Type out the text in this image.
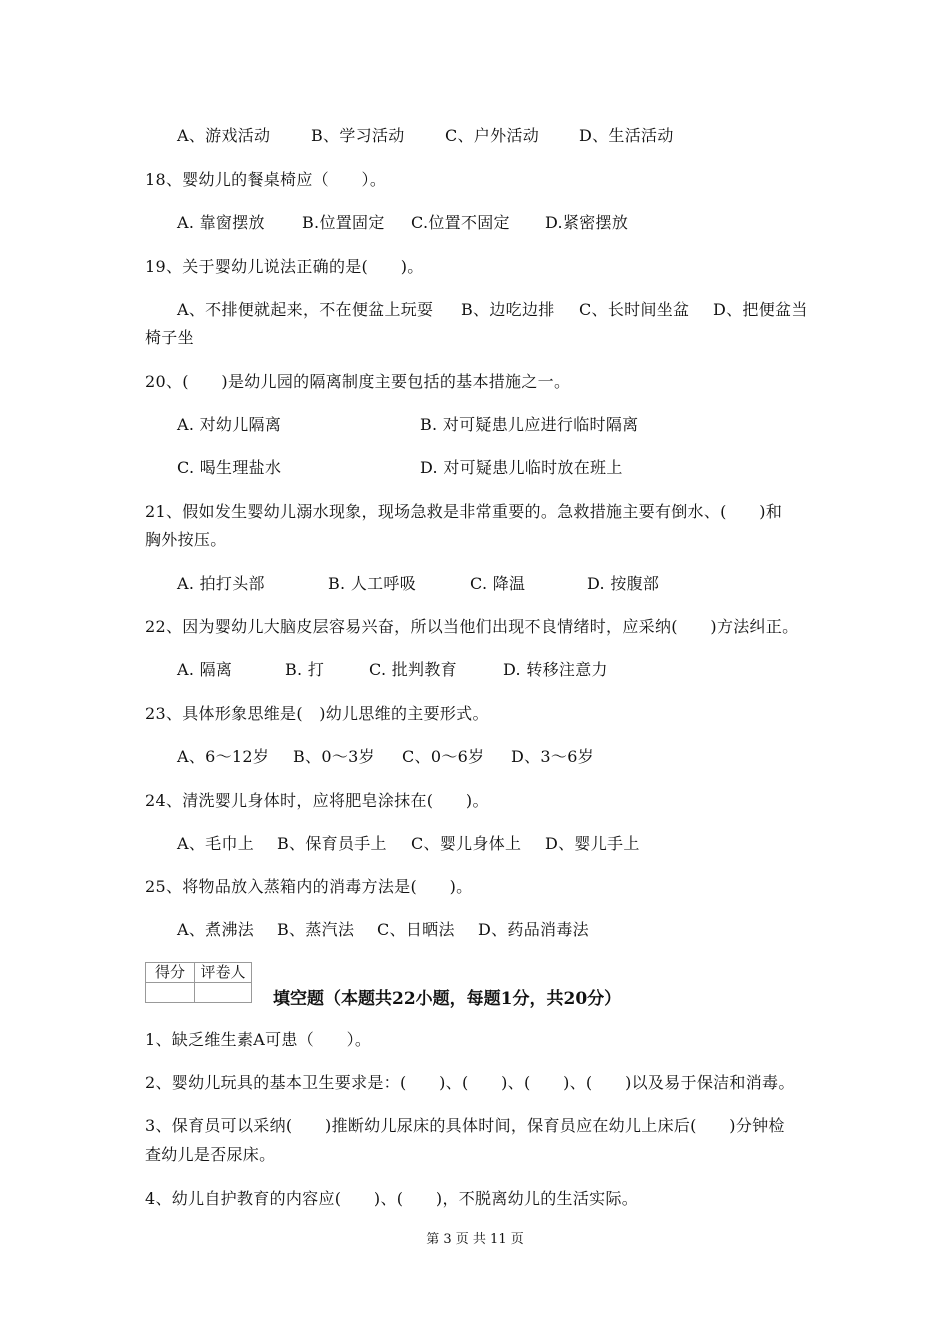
A、游戏活动	B、学习活动	C、户外活动 D、生活活动
18、婴幼儿的餐桌椅应（　　）。
A. 靠窗摆放 B.位置固定 C.位置不固定 D.紧密摆放
19、关于婴幼儿说法正确的是(　　)。
A、不排便就起来，不在便盆上玩耍 B、边吃边排 C、长时间坐盆 D、把便盆当
椅子坐
20、(　　)是幼儿园的隔离制度主要包括的基本措施之一。
A. 对幼儿隔离	B. 对可疑患儿应进行临时隔离
C. 喝生理盐水	D. 对可疑患儿临时放在班上
21、假如发生婴幼儿溺水现象，现场急救是非常重要的。急救措施主要有倒水、(　　)和
胸外按压。
A. 拍打头部	B. 人工呼吸	C. 降温	D. 按腹部
22、因为婴幼儿大脑皮层容易兴奋，所以当他们出现不良情绪时，应采纳(　　)方法纠正。
A. 隔离	B. 打	C. 批判教育	D. 转移注意力
23、具体形象思维是(　)幼儿思维的主要形式。
A、6～12岁 B、0～3岁 C、0～6岁 D、3～6岁
24、清洗婴儿身体时，应将肥皂涂抹在(　　)。
A、毛巾上 B、保育员手上 C、婴儿身体上 D、婴儿手上
25、将物品放入蒸箱内的消毒方法是(　　)。
A、煮沸法 B、蒸汽法 C、日晒法 D、药品消毒法
得分	评卷人

填空题（本题共22小题，每题1分，共20分）
1、缺乏维生素A可患（　　）。
2、婴幼儿玩具的基本卫生要求是：(　　)、(　　)、(　　)、(　　)以及易于保洁和消毒。
3、保育员可以采纳(　　)推断幼儿尿床的具体时间，保育员应在幼儿上床后(　　)分钟检
查幼儿是否尿床。
4、幼儿自护教育的内容应(　　)、(　　)，不脱离幼儿的生活实际。
第 3 页 共 11 页
